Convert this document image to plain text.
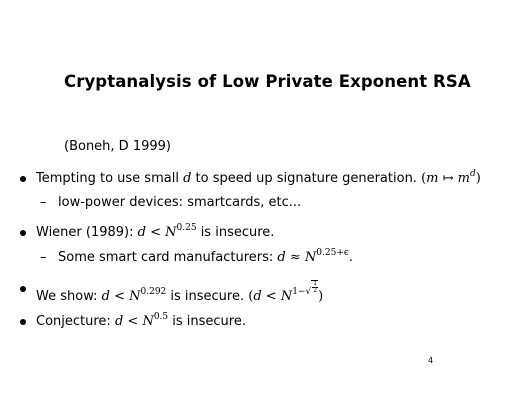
Cryptanalysis of Low Private Exponent RSA
(Boneh, D 1999)
Tempting to use small d to speed up signature generation. (m ↦ $m^d$)
– low-power devices: smartcards, etc...
Wiener (1989): $d < N^{0.25}$ is insecure.
– Some smart card manufacturers: $d \approx N^{0.25+\epsilon}$.
We show: $d < N^{0.292}$ is insecure. ($d < N^{1-√ \frac{1}{2}}$
)
Conjecture: $d < N^{0.5}$ is insecure.
4
